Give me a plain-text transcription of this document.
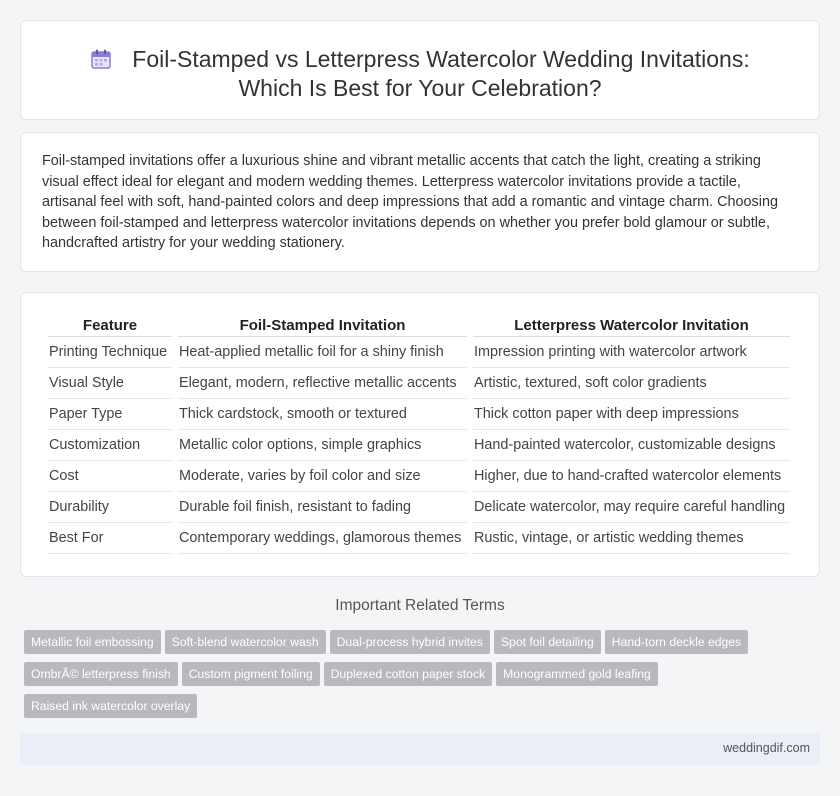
Foil-Stamped vs Letterpress Watercolor Wedding Invitations:
Which Is Best for Your Celebration?

Foil-stamped invitations offer a luxurious shine and vibrant metallic accents that catch the light, creating a striking visual effect ideal for elegant and modern wedding themes. Letterpress watercolor invitations provide a tactile, artisanal feel with soft, hand-painted colors and deep impressions that add a romantic and vintage charm. Choosing between foil-stamped and letterpress watercolor invitations depends on whether you prefer bold glamour or subtle, handcrafted artistry for your wedding stationery.

Feature	Foil-Stamped Invitation	Letterpress Watercolor Invitation
Printing Technique	Heat-applied metallic foil for a shiny finish	Impression printing with watercolor artwork
Visual Style	Elegant, modern, reflective metallic accents	Artistic, textured, soft color gradients
Paper Type	Thick cardstock, smooth or textured	Thick cotton paper with deep impressions
Customization	Metallic color options, simple graphics	Hand-painted watercolor, customizable designs
Cost	Moderate, varies by foil color and size	Higher, due to hand-crafted watercolor elements
Durability	Durable foil finish, resistant to fading	Delicate watercolor, may require careful handling
Best For	Contemporary weddings, glamorous themes	Rustic, vintage, or artistic wedding themes
Important Related Terms
Metallic foil embossing Soft-blend watercolor wash Dual-process hybrid invites Spot foil detailing Hand-torn deckle edges
OmbrÃ© letterpress finish Custom pigment foiling Duplexed cotton paper stock Monogrammed gold leafing
Raised ink watercolor overlay
weddingdif.com
